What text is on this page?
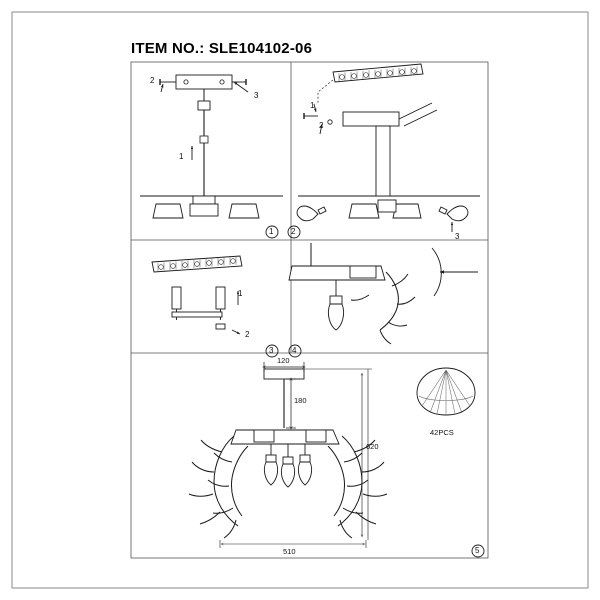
ITEM NO.: SLE104102-06
2
3
1
1
2
3
1
2
120
180
620
510
42PCS
1 2
3 4
5
